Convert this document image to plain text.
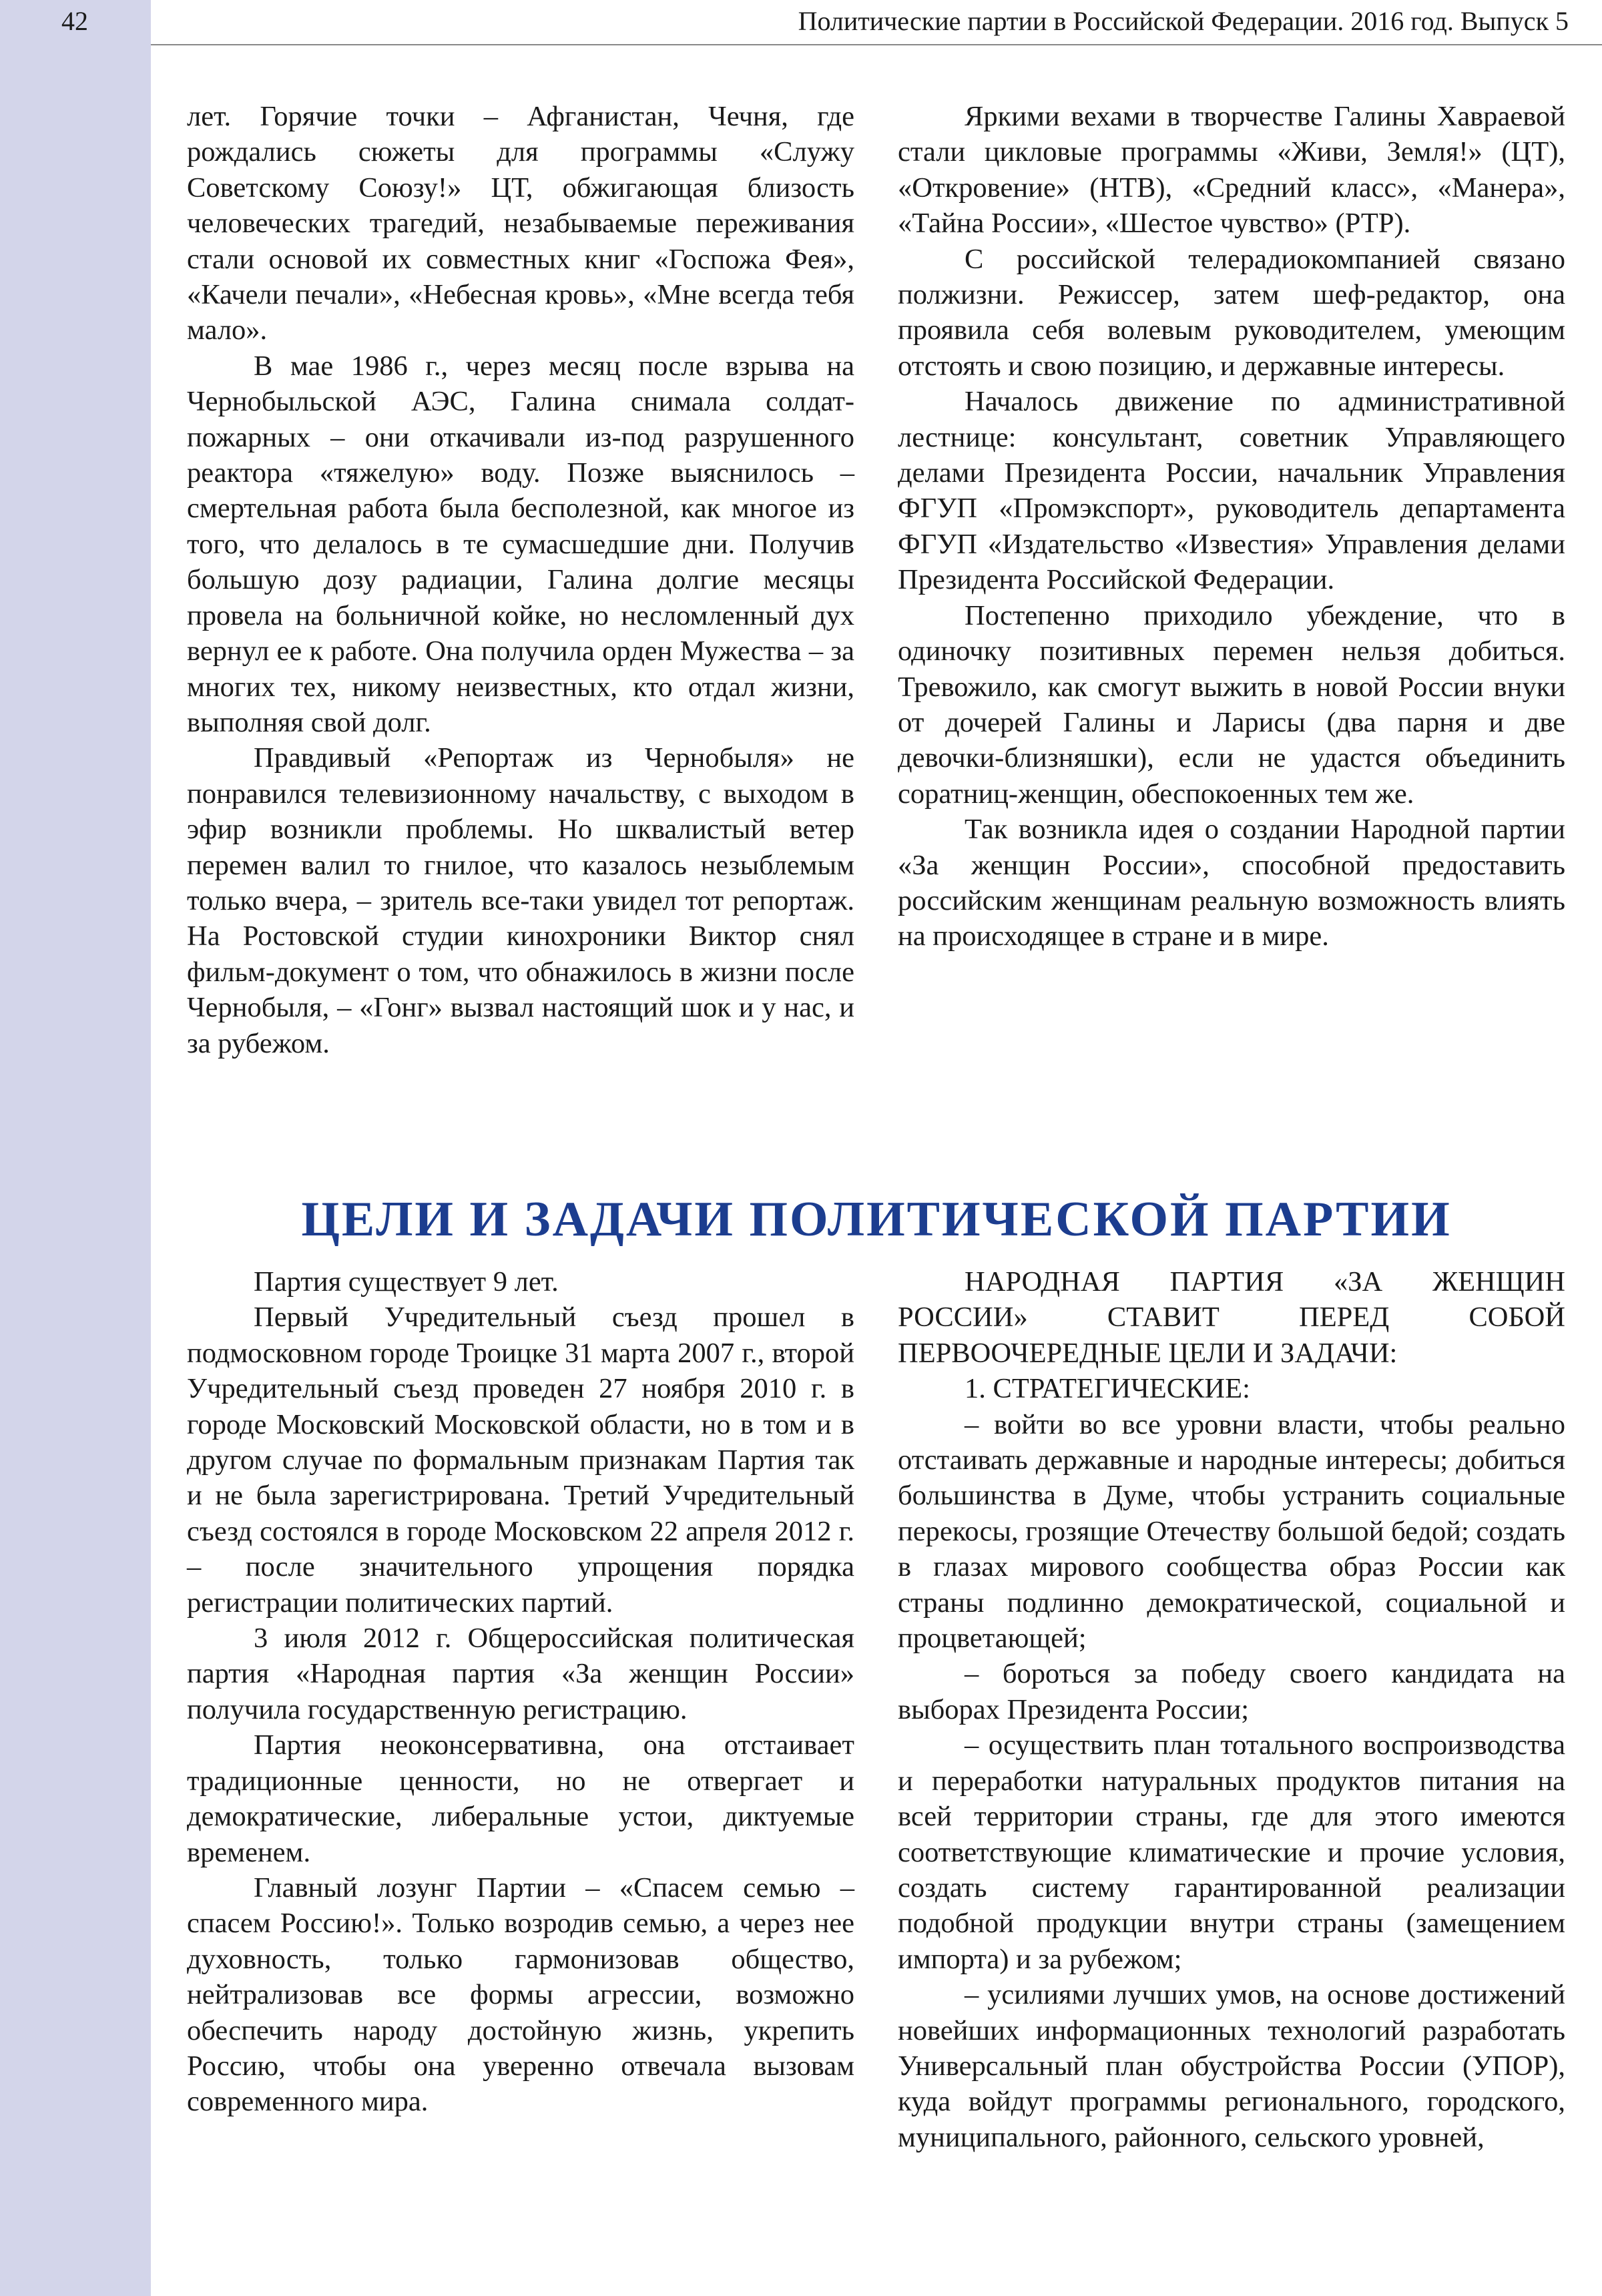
42	Политические партии в Российской Федерации. 2016 год. Выпуск 5

лет. Горячие точки – Афганистан, Чечня, где рождались сюжеты для программы «Служу Советскому Союзу!» ЦТ, обжигающая близость человеческих трагедий, незабываемые переживания стали основой их совместных книг «Госпожа Фея», «Качели печали», «Небесная кровь», «Мне всегда тебя мало».

В мае 1986 г., через месяц после взрыва на Чернобыльской АЭС, Галина снимала солдат-пожарных – они откачивали из-под разрушенного реактора «тяжелую» воду. Позже выяснилось – смертельная работа была бесполезной, как многое из того, что делалось в те сумасшедшие дни. Получив большую дозу радиации, Галина долгие месяцы провела на больничной койке, но несломленный дух вернул ее к работе. Она получила орден Мужества – за многих тех, никому неизвестных, кто отдал жизни, выполняя свой долг.

Правдивый «Репортаж из Чернобыля» не понравился телевизионному начальству, с выходом в эфир возникли проблемы. Но шквалистый ветер перемен валил то гнилое, что казалось незыблемым только вчера, – зритель все-таки увидел тот репортаж. На Ростовской студии кинохроники Виктор снял фильм-документ о том, что обнажилось в жизни после Чернобыля, – «Гонг» вызвал настоящий шок и у нас, и за рубежом.

Яркими вехами в творчестве Галины Хавраевой стали цикловые программы «Живи, Земля!» (ЦТ), «Откровение» (НТВ), «Средний класс», «Манера», «Тайна России», «Шестое чувство» (РТР).

С российской телерадиокомпанией связано полжизни. Режиссер, затем шеф-редактор, она проявила себя волевым руководителем, умеющим отстоять и свою позицию, и державные интересы.

Началось движение по административной лестнице: консультант, советник Управляющего делами Президента России, начальник Управления ФГУП «Промэкспорт», руководитель департамента ФГУП «Издательство «Известия» Управления делами Президента Российской Федерации.

Постепенно приходило убеждение, что в одиночку позитивных перемен нельзя добиться. Тревожило, как смогут выжить в новой России внуки от дочерей Галины и Ларисы (два парня и две девочки-близняшки), если не удастся объединить соратниц-женщин, обеспокоенных тем же.

Так возникла идея о создании Народной партии «За женщин России», способной предоставить российским женщинам реальную возможность влиять на происходящее в стране и в мире.

ЦЕЛИ И ЗАДАЧИ ПОЛИТИЧЕСКОЙ ПАРТИИ

Партия существует 9 лет.

Первый Учредительный съезд прошел в подмосковном городе Троицке 31 марта 2007 г., второй Учредительный съезд проведен 27 ноября 2010 г. в городе Московский Московской области, но в том и в другом случае по формальным признакам Партия так и не была зарегистрирована. Третий Учредительный съезд состоялся в городе Московском 22 апреля 2012 г. – после значительного упрощения порядка регистрации политических партий.

3 июля 2012 г. Общероссийская политическая партия «Народная партия «За женщин России» получила государственную регистрацию.

Партия неоконсервативна, она отстаивает традиционные ценности, но не отвергает и демократические, либеральные устои, диктуемые временем.

Главный лозунг Партии – «Спасем семью – спасем Россию!». Только возродив семью, а через нее духовность, только гармонизовав общество, нейтрализовав все формы агрессии, возможно обеспечить народу достойную жизнь, укрепить Россию, чтобы она уверенно отвечала вызовам современного мира.

НАРОДНАЯ ПАРТИЯ «ЗА ЖЕНЩИН РОССИИ» СТАВИТ ПЕРЕД СОБОЙ ПЕРВООЧЕРЕДНЫЕ ЦЕЛИ И ЗАДАЧИ:

1. СТРАТЕГИЧЕСКИЕ:

– войти во все уровни власти, чтобы реально отстаивать державные и народные интересы; добиться большинства в Думе, чтобы устранить социальные перекосы, грозящие Отечеству большой бедой; создать в глазах мирового сообщества образ России как страны подлинно демократической, социальной и процветающей;

– бороться за победу своего кандидата на выборах Президента России;

– осуществить план тотального воспроизводства и переработки натуральных продуктов питания на всей территории страны, где для этого имеются соответствующие климатические и прочие условия, создать систему гарантированной реализации подобной продукции внутри страны (замещением импорта) и за рубежом;

– усилиями лучших умов, на основе достижений новейших информационных технологий разработать Универсальный план обустройства России (УПОР), куда войдут программы регионального, городского, муниципального, районного, сельского уровней,
